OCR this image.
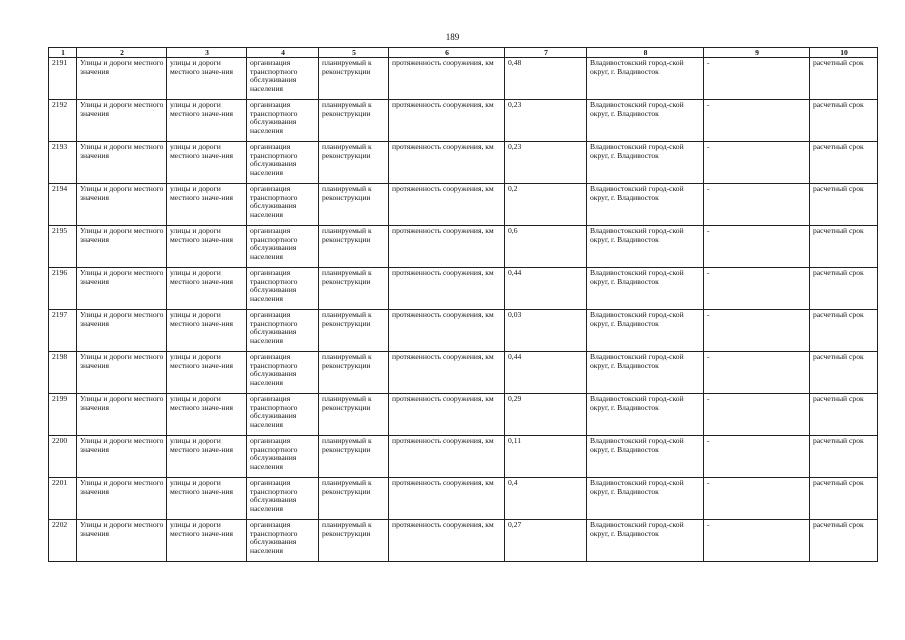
189
1	2	3	4	5	6	7	8	9	10
2191	Улицы и дороги местного значения	улицы и дороги местного значе-ния	организация транспортного обслуживания населения	планируемый к реконструкции	протяженность сооружения, км	0,48	Владивостокский город-ской округ, г. Владивосток	-	расчетный срок
2192	Улицы и дороги местного значения	улицы и дороги местного значе-ния	организация транспортного обслуживания населения	планируемый к реконструкции	протяженность сооружения, км	0,23	Владивостокский город-ской округ, г. Владивосток	-	расчетный срок
2193	Улицы и дороги местного значения	улицы и дороги местного значе-ния	организация транспортного обслуживания населения	планируемый к реконструкции	протяженность сооружения, км	0,23	Владивостокский город-ской округ, г. Владивосток	-	расчетный срок
2194	Улицы и дороги местного значения	улицы и дороги местного значе-ния	организация транспортного обслуживания населения	планируемый к реконструкции	протяженность сооружения, км	0,2	Владивостокский город-ской округ, г. Владивосток	-	расчетный срок
2195	Улицы и дороги местного значения	улицы и дороги местного значе-ния	организация транспортного обслуживания населения	планируемый к реконструкции	протяженность сооружения, км	0,6	Владивостокский город-ской округ, г. Владивосток	-	расчетный срок
2196	Улицы и дороги местного значения	улицы и дороги местного значе-ния	организация транспортного обслуживания населения	планируемый к реконструкции	протяженность сооружения, км	0,44	Владивостокский город-ской округ, г. Владивосток	-	расчетный срок
2197	Улицы и дороги местного значения	улицы и дороги местного значе-ния	организация транспортного обслуживания населения	планируемый к реконструкции	протяженность сооружения, км	0,03	Владивостокский город-ской округ, г. Владивосток	-	расчетный срок
2198	Улицы и дороги местного значения	улицы и дороги местного значе-ния	организация транспортного обслуживания населения	планируемый к реконструкции	протяженность сооружения, км	0,44	Владивостокский город-ской округ, г. Владивосток	-	расчетный срок
2199	Улицы и дороги местного значения	улицы и дороги местного значе-ния	организация транспортного обслуживания населения	планируемый к реконструкции	протяженность сооружения, км	0,29	Владивостокский город-ской округ, г. Владивосток	-	расчетный срок
2200	Улицы и дороги местного значения	улицы и дороги местного значе-ния	организация транспортного обслуживания населения	планируемый к реконструкции	протяженность сооружения, км	0,11	Владивостокский город-ской округ, г. Владивосток	-	расчетный срок
2201	Улицы и дороги местного значения	улицы и дороги местного значе-ния	организация транспортного обслуживания населения	планируемый к реконструкции	протяженность сооружения, км	0,4	Владивостокский город-ской округ, г. Владивосток	-	расчетный срок
2202	Улицы и дороги местного значения	улицы и дороги местного значе-ния	организация транспортного обслуживания населения	планируемый к реконструкции	протяженность сооружения, км	0,27	Владивостокский город-ской округ, г. Владивосток	-	расчетный срок
